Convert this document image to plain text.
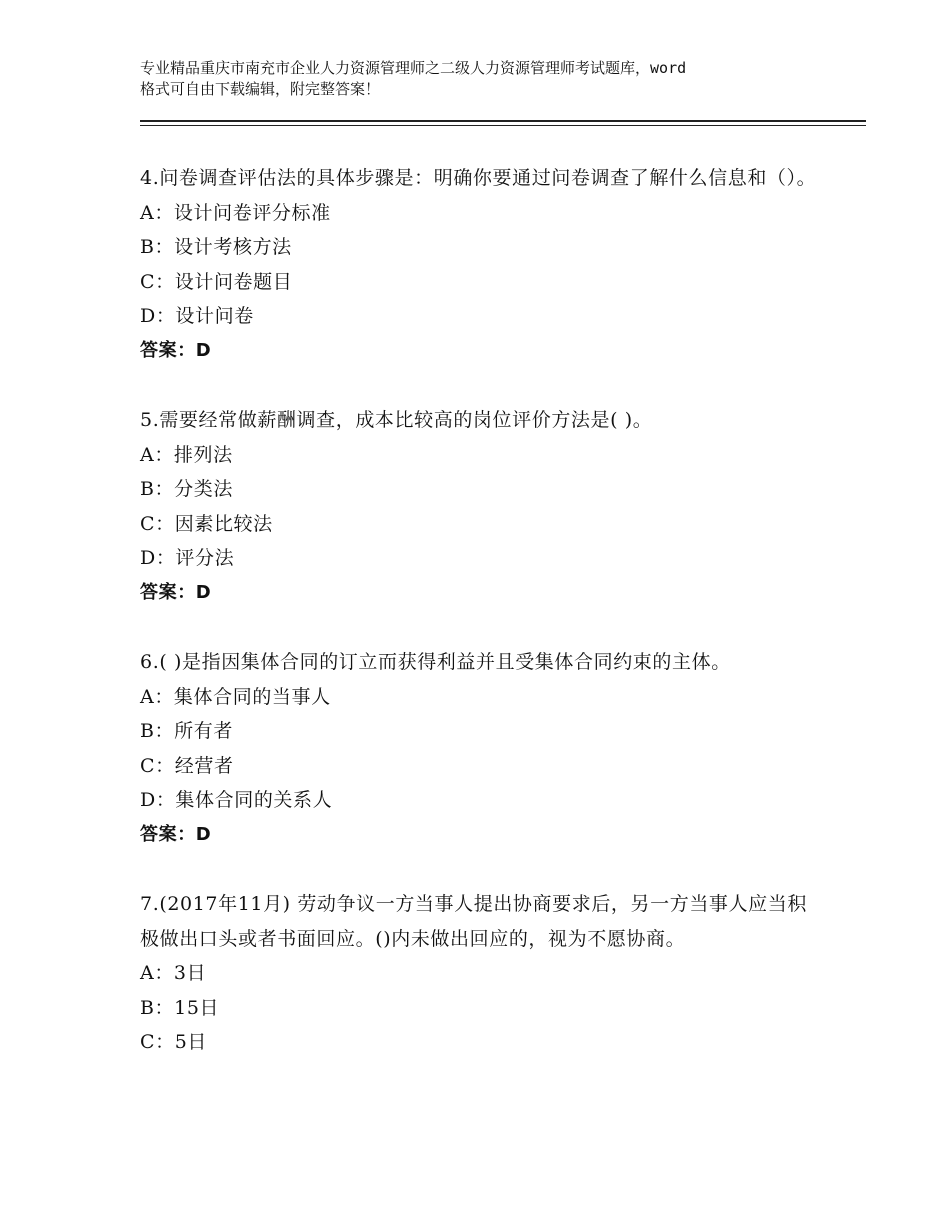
专业精品重庆市南充市企业人力资源管理师之二级人力资源管理师考试题库，word
格式可自由下载编辑，附完整答案！

4.问卷调查评估法的具体步骤是：明确你要通过问卷调查了解什么信息和（）。

A：设计问卷评分标准

B：设计考核方法

C：设计问卷题目

D：设计问卷

答案：D

5.需要经常做薪酬调查，成本比较高的岗位评价方法是( )。

A：排列法

B：分类法

C：因素比较法

D：评分法

答案：D

6.( )是指因集体合同的订立而获得利益并且受集体合同约束的主体。

A：集体合同的当事人

B：所有者

C：经营者

D：集体合同的关系人

答案：D

7.(2017年11月) 劳动争议一方当事人提出协商要求后，另一方当事人应当积极做出口头或者书面回应。()内未做出回应的，视为不愿协商。

A：3日

B：15日

C：5日
